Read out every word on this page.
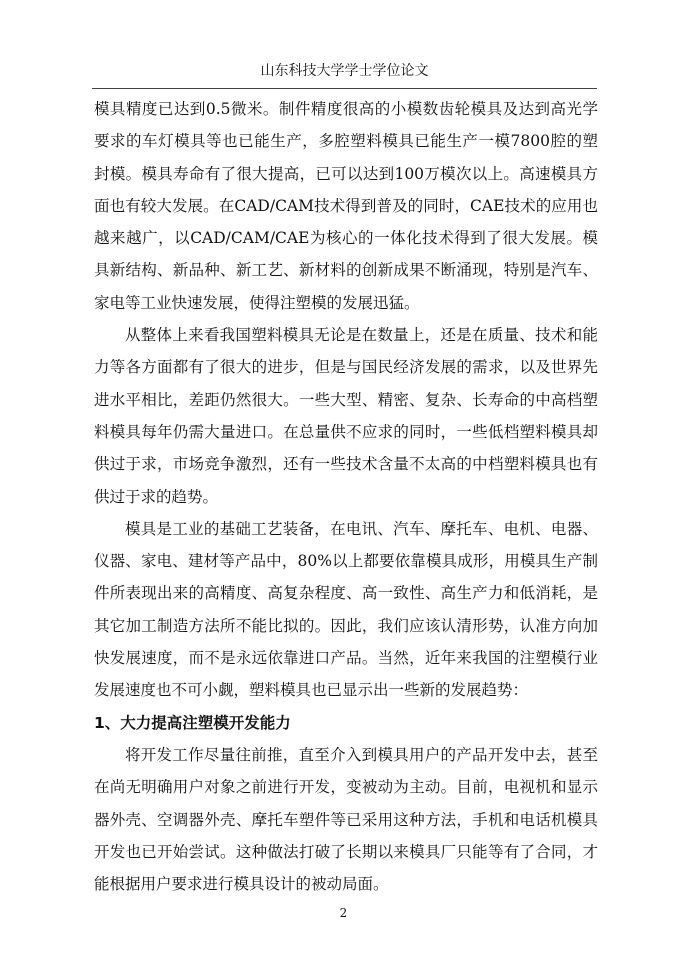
山东科技大学学士学位论文

模具精度已达到0.5微米。制件精度很高的小模数齿轮模具及达到高光学要求的车灯模具等也已能生产，多腔塑料模具已能生产一模7800腔的塑封模。模具寿命有了很大提高，已可以达到100万模次以上。高速模具方面也有较大发展。在CAD/CAM技术得到普及的同时，CAE技术的应用也越来越广，以CAD/CAM/CAE为核心的一体化技术得到了很大发展。模具新结构、新品种、新工艺、新材料的创新成果不断涌现，特别是汽车、家电等工业快速发展，使得注塑模的发展迅猛。

从整体上来看我国塑料模具无论是在数量上，还是在质量、技术和能力等各方面都有了很大的进步，但是与国民经济发展的需求，以及世界先进水平相比，差距仍然很大。一些大型、精密、复杂、长寿命的中高档塑料模具每年仍需大量进口。在总量供不应求的同时，一些低档塑料模具却供过于求，市场竞争激烈，还有一些技术含量不太高的中档塑料模具也有供过于求的趋势。

模具是工业的基础工艺装备，在电讯、汽车、摩托车、电机、电器、仪器、家电、建材等产品中，80%以上都要依靠模具成形，用模具生产制件所表现出来的高精度、高复杂程度、高一致性、高生产力和低消耗，是其它加工制造方法所不能比拟的。因此，我们应该认清形势，认准方向加快发展速度，而不是永远依靠进口产品。当然，近年来我国的注塑模行业发展速度也不可小觑，塑料模具也已显示出一些新的发展趋势：

1、大力提高注塑模开发能力

将开发工作尽量往前推，直至介入到模具用户的产品开发中去，甚至在尚无明确用户对象之前进行开发，变被动为主动。目前，电视机和显示器外壳、空调器外壳、摩托车塑件等已采用这种方法，手机和电话机模具开发也已开始尝试。这种做法打破了长期以来模具厂只能等有了合同，才能根据用户要求进行模具设计的被动局面。

2
